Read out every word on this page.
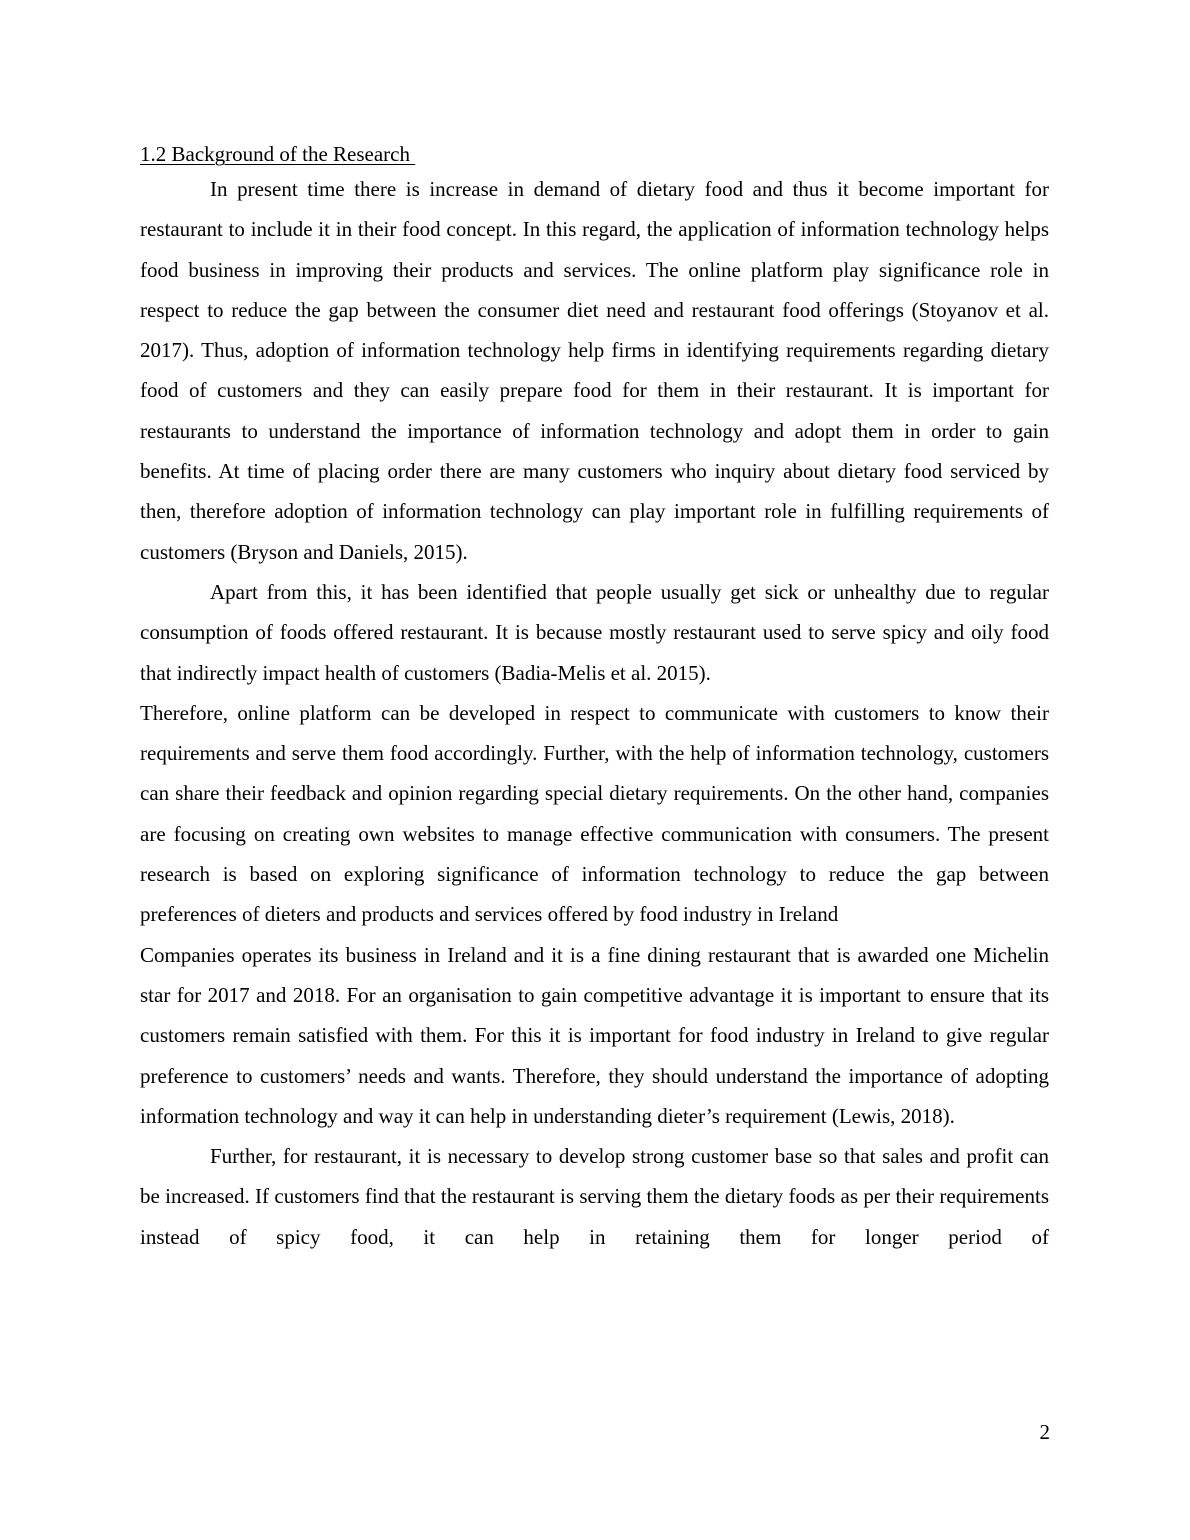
1.2 Background of the Research

In present time there is increase in demand of dietary food and thus it become important for restaurant to include it in their food concept. In this regard, the application of information technology helps food business in improving their products and services. The online platform play significance role in respect to reduce the gap between the consumer diet need and restaurant food offerings (Stoyanov et al. 2017). Thus, adoption of information technology help firms in identifying requirements regarding dietary food of customers and they can easily prepare food for them in their restaurant. It is important for restaurants to understand the importance of information technology and adopt them in order to gain benefits. At time of placing order there are many customers who inquiry about dietary food serviced by then, therefore adoption of information technology can play important role in fulfilling requirements of customers (Bryson and Daniels, 2015).

Apart from this, it has been identified that people usually get sick or unhealthy due to regular consumption of foods offered restaurant. It is because mostly restaurant used to serve spicy and oily food that indirectly impact health of customers (Badia-Melis et al. 2015).

Therefore, online platform can be developed in respect to communicate with customers to know their requirements and serve them food accordingly. Further, with the help of information technology, customers can share their feedback and opinion regarding special dietary requirements. On the other hand, companies are focusing on creating own websites to manage effective communication with consumers. The present research is based on exploring significance of information technology to reduce the gap between preferences of dieters and products and services offered by food industry in Ireland

Companies operates its business in Ireland and it is a fine dining restaurant that is awarded one Michelin star for 2017 and 2018. For an organisation to gain competitive advantage it is important to ensure that its customers remain satisfied with them. For this it is important for food industry in Ireland to give regular preference to customers’ needs and wants. Therefore, they should understand the importance of adopting information technology and way it can help in understanding dieter’s requirement (Lewis, 2018).

Further, for restaurant, it is necessary to develop strong customer base so that sales and profit can be increased. If customers find that the restaurant is serving them the dietary foods as per their requirements instead of spicy food, it can help in retaining them for longer period of

2
